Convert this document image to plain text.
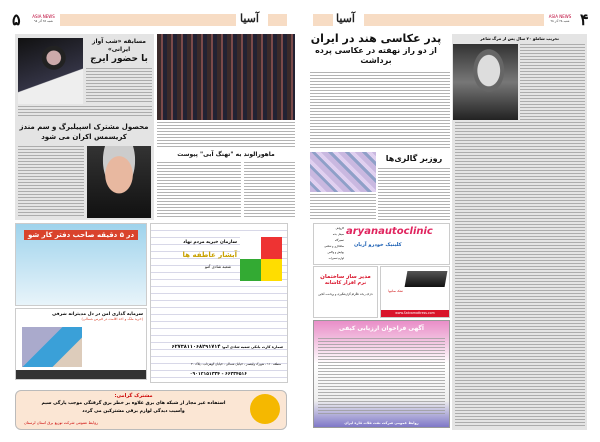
۵	ASIA NEWS
شنبه ۲۸ آذر ۹۸	آسیا
مسابقه «شب آواز ایرانی»
با حضور ایرج
محصول مشترک اسپیلبرگ و سم مندز
کریسمس اکران می شود
ماهورالوند به "تهنگ آبی" پیوست
در ۵ دقیقه صاحب دفتر کار شو
سرمایه گذاری امن در دل مدیترانه شرقی
(خرید ملک و اخذ اقامت در قبرس شمالی)
سازمان خیریه مردم نهاد
آبشار عاطفه ها
شعبه شادی آمو
شماره کارت بانکی شعبه شادی آمو: ۶۲۷۳۸۱۱۰۶۸۲۹۱۷۱۴
منطقه ۱۱۰ - شهرک ولیعصر - خیابان شمالی - خیابان گوهرتاب - پلاک ۳۰
۶۶۳۳۴۵۱۶ - ۰۹۰۱۲۱۵۱۳۳۴
مشترک گرامی:
استفاده غیر مجاز از شبکه های برق علاوه بر خطر برق گرفتگی موجب پارگی سیم
وآسیب دیدگی لوازم برقی مشترکین می گردد
روابط عمومی شرکت توزیع برق استان لرستان
آسیا	ASIA NEWS
شنبه ۲۸ آذر ۹۸ ۴
پدر عکاسی هند در ایران
از دو راز نهفته در عکاسی پرده برداشت
روزبر گالری‌ها
تخریب شاملو ۲۰ سال پس از مرگ شاعر
aryanautoclinic
کلینیک خودرو آریان
کارواش
صیقل بدنه
تعمیرگاه
صافکاری و نقاشی
پولیش و واکس
لوازم تعمیرات
مدیر ساز ساختمان
نرم افزار کاشانه
دارای ربات تلگرام گزارشگیری و پرداخت آنلاین
تشک ساتیوا
www.Satvamattress.com
آگهی فراخوان ارزیابی کیفی
روابط عمومی شرکت نفت فلات قاره ایران
